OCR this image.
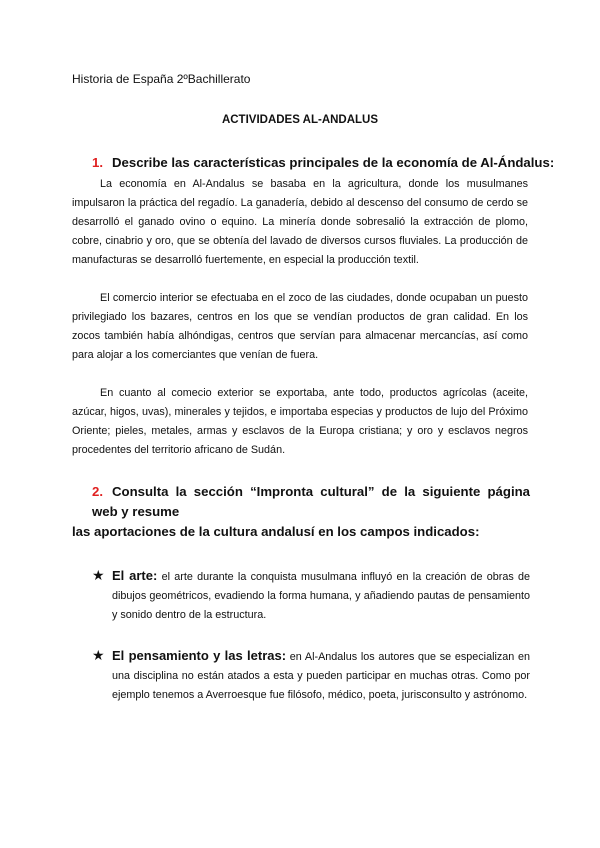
Historia de España 2ºBachillerato
ACTIVIDADES AL-ANDALUS
1. Describe las características principales de la economía de Al-Ándalus:

La economía en Al-Andalus se basaba en la agricultura, donde los musulmanes impulsaron la práctica del regadío. La ganadería, debido al descenso del consumo de cerdo se desarrolló el ganado ovino o equino. La minería donde sobresalió la extracción de plomo, cobre, cinabrio y oro, que se obtenía del lavado de diversos cursos fluviales. La producción de manufacturas se desarrolló fuertemente, en especial la producción textil.

El comercio interior se efectuaba en el zoco de las ciudades, donde ocupaban un puesto privilegiado los bazares, centros en los que se vendían productos de gran calidad. En los zocos también había alhóndigas, centros que servían para almacenar mercancías, así como para alojar a los comerciantes que venían de fuera.

En cuanto al comecio exterior se exportaba, ante todo, productos agrícolas (aceite, azúcar, higos, uvas), minerales y tejidos, e importaba especias y productos de lujo del Próximo Oriente; pieles, metales, armas y esclavos de la Europa cristiana; y oro y esclavos negros procedentes del territorio africano de Sudán.

2. Consulta la sección “Impronta cultural” de la siguiente página web y resume
las aportaciones de la cultura andalusí en los campos indicados:
★ El arte: el arte durante la conquista musulmana influyó en la creación de obras de dibujos geométricos, evadiendo la forma humana, y añadiendo pautas de pensamiento y sonido dentro de la estructura.
★ El pensamiento y las letras: en Al-Andalus los autores que se especializan en una disciplina no están atados a esta y pueden participar en muchas otras. Como por ejemplo tenemos a Averroesque fue filósofo, médico, poeta, jurisconsulto y astrónomo.
